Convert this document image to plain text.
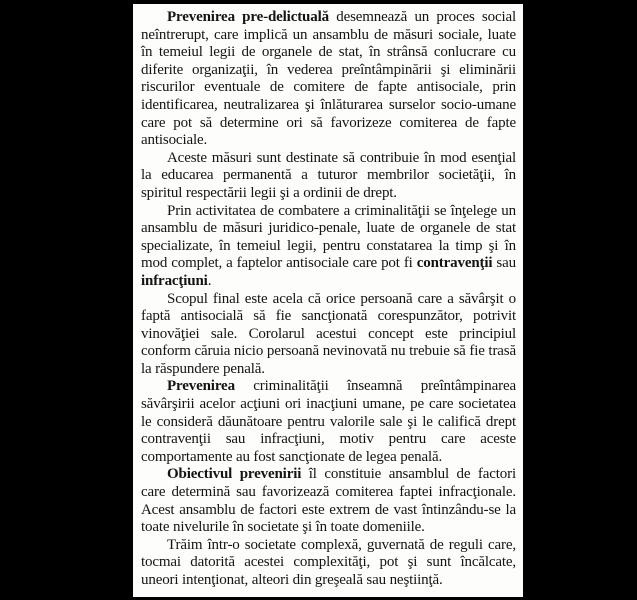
Prevenirea pre-delictuală desemnează un proces social neîntrerupt, care implică un ansamblu de măsuri sociale, luate în temeiul legii de organele de stat, în strânsă conlucrare cu diferite organizaţii, în vederea preîntâmpinării şi eliminării riscurilor eventuale de comitere de fapte antisociale, prin identificarea, neutralizarea şi înlăturarea surselor socio-umane care pot să determine ori să favorizeze comiterea de fapte antisociale.

Aceste măsuri sunt destinate să contribuie în mod esenţial la educarea permanentă a tuturor membrilor societăţii, în spiritul respectării legii şi a ordinii de drept.

Prin activitatea de combatere a criminalităţii se înţelege un ansamblu de măsuri juridico-penale, luate de organele de stat specializate, în temeiul legii, pentru constatarea la timp şi în mod complet, a faptelor antisociale care pot fi contravenţii sau infracţiuni.

Scopul final este acela că orice persoană care a săvârşit o faptă antisocială să fie sancţionată corespunzător, potrivit vinovăţiei sale. Corolarul acestui concept este principiul conform căruia nicio persoană nevinovată nu trebuie să fie trasă la răspundere penală.

Prevenirea criminalităţii înseamnă preîntâmpinarea săvârşirii acelor acţiuni ori inacţiuni umane, pe care societatea le consideră dăunătoare pentru valorile sale şi le califică drept contravenţii sau infracţiuni, motiv pentru care aceste comportamente au fost sancţionate de legea penală.

Obiectivul prevenirii îl constituie ansamblul de factori care determină sau favorizează comiterea faptei infracţionale. Acest ansamblu de factori este extrem de vast întinzându-se la toate nivelurile în societate şi în toate domeniile.

Trăim într-o societate complexă, guvernată de reguli care, tocmai datorită acestei complexităţi, pot şi sunt încălcate, uneori intenţionat, alteori din greşeală sau neştiinţă.
